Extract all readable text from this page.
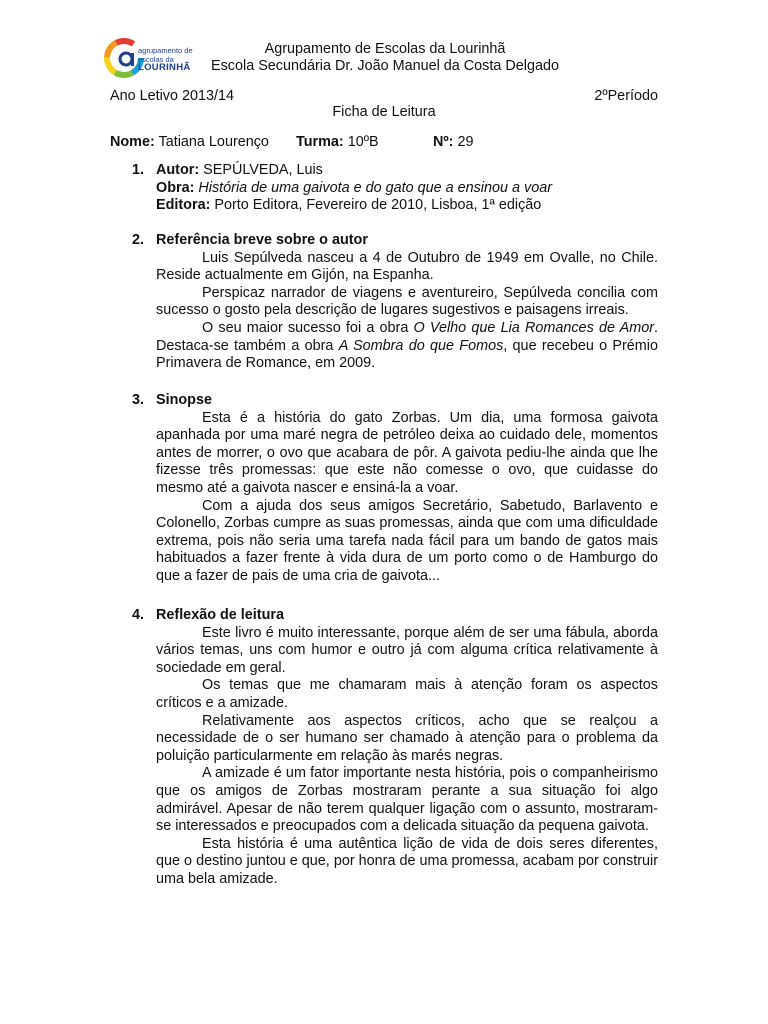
agrupamento de
escolas da
LOURINHÃ
Agrupamento de Escolas da Lourinhã
Escola Secundária Dr. João Manuel da Costa Delgado
Ano Letivo 2013/14	2ºPeríodo
Ficha de Leitura
Nome: Tatiana Lourenço Turma: 10ºB	Nº: 29
1. Autor: SEPÚLVEDA, Luis
Obra: História de uma gaivota e do gato que a ensinou a voar
Editora: Porto Editora, Fevereiro de 2010, Lisboa, 1ª edição
2. Referência breve sobre o autor

Luis Sepúlveda nasceu a 4 de Outubro de 1949 em Ovalle, no Chile. Reside actualmente em Gijón, na Espanha.

Perspicaz narrador de viagens e aventureiro, Sepúlveda concilia com sucesso o gosto pela descrição de lugares sugestivos e paisagens irreais.

O seu maior sucesso foi a obra O Velho que Lia Romances de Amor. Destaca-se também a obra A Sombra do que Fomos, que recebeu o Prémio Primavera de Romance, em 2009.

3. Sinopse

Esta é a história do gato Zorbas. Um dia, uma formosa gaivota apanhada por uma maré negra de petróleo deixa ao cuidado dele, momentos antes de morrer, o ovo que acabara de pôr. A gaivota pediu-lhe ainda que lhe fizesse três promessas: que este não comesse o ovo, que cuidasse do mesmo até a gaivota nascer e ensiná-la a voar.

Com a ajuda dos seus amigos Secretário, Sabetudo, Barlavento e Colonello, Zorbas cumpre as suas promessas, ainda que com uma dificuldade extrema, pois não seria uma tarefa nada fácil para um bando de gatos mais habituados a fazer frente à vida dura de um porto como o de Hamburgo do que a fazer de pais de uma cria de gaivota...

4. Reflexão de leitura

Este livro é muito interessante, porque além de ser uma fábula, aborda vários temas, uns com humor e outro já com alguma crítica relativamente à sociedade em geral.

Os temas que me chamaram mais à atenção foram os aspectos críticos e a amizade.

Relativamente aos aspectos críticos, acho que se realçou a necessidade de o ser humano ser chamado à atenção para o problema da poluição particularmente em relação às marés negras.

A amizade é um fator importante nesta história, pois o companheirismo que os amigos de Zorbas mostraram perante a sua situação foi algo admirável. Apesar de não terem qualquer ligação com o assunto, mostraram-se interessados e preocupados com a delicada situação da pequena gaivota.

Esta história é uma autêntica lição de vida de dois seres diferentes, que o destino juntou e que, por honra de uma promessa, acabam por construir uma bela amizade.
